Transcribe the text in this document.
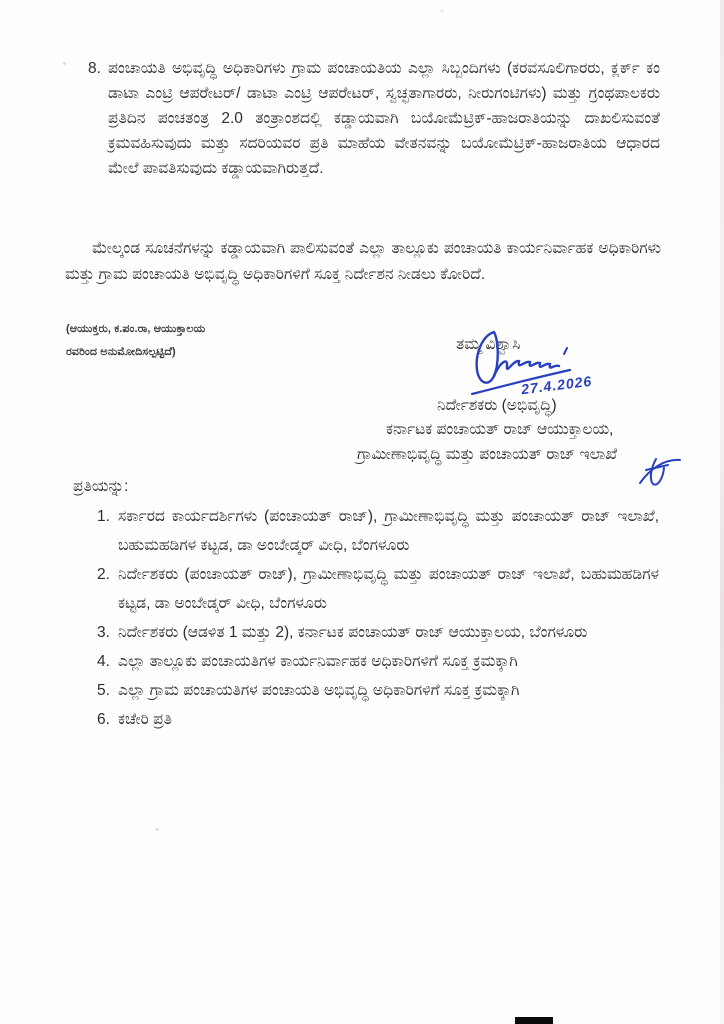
8. ಪಂಚಾಯತಿ ಅಭಿವೃದ್ಧಿ ಅಧಿಕಾರಿಗಳು ಗ್ರಾಮ ಪಂಚಾಯತಿಯ ಎಲ್ಲಾ ಸಿಬ್ಬಂದಿಗಳು (ಕರವಸೂಲಿಗಾರರು, ಕ್ಲರ್ಕ್ ಕಂ ಡಾಟಾ ಎಂಟ್ರಿ ಆಪರೇಟರ್/ ಡಾಟಾ ಎಂಟ್ರಿ ಆಪರೇಟರ್, ಸ್ವಚ್ಛತಾಗಾರರು, ನೀರುಗಂಟಿಗಳು) ಮತ್ತು ಗ್ರಂಥಪಾಲಕರು ಪ್ರತಿದಿನ ಪಂಚತಂತ್ರ 2.0 ತಂತ್ರಾಂಶದಲ್ಲಿ ಕಡ್ಡಾಯವಾಗಿ ಬಯೋಮೆಟ್ರಿಕ್-ಹಾಜರಾತಿಯನ್ನು ದಾಖಲಿಸುವಂತೆ ಕ್ರಮವಹಿಸುವುದು ಮತ್ತು ಸದರಿಯವರ ಪ್ರತಿ ಮಾಹೆಯ ವೇತನವನ್ನು ಬಯೋಮೆಟ್ರಿಕ್-ಹಾಜರಾತಿಯ ಆಧಾರದ ಮೇಲೆ ಪಾವತಿಸುವುದು ಕಡ್ಡಾಯವಾಗಿರುತ್ತದೆ.
ಮೇಲ್ಕಂಡ ಸೂಚನೆಗಳನ್ನು ಕಡ್ಡಾಯವಾಗಿ ಪಾಲಿಸುವಂತೆ ಎಲ್ಲಾ ತಾಲ್ಲೂಕು ಪಂಚಾಯತಿ ಕಾರ್ಯನಿರ್ವಾಹಕ ಅಧಿಕಾರಿಗಳು ಮತ್ತು ಗ್ರಾಮ ಪಂಚಾಯತಿ ಅಭಿವೃದ್ಧಿ ಅಧಿಕಾರಿಗಳಿಗೆ ಸೂಕ್ತ ನಿರ್ದೇಶನ ನೀಡಲು ಕೋರಿದೆ.
(ಆಯುಕ್ತರು, ಕ.ಪಂ.ರಾ, ಆಯುಕ್ತಾಲಯ
ರವರಿಂದ ಅನುಮೋದಿಸಲ್ಪಟ್ಟಿದೆ)	ತಮ್ಮ ವಿಶ್ವಾಸಿ
27.4.2026
ನಿರ್ದೇಶಕರು (ಅಭಿವೃದ್ಧಿ)
ಕರ್ನಾಟಕ ಪಂಚಾಯತ್ ರಾಜ್ ಆಯುಕ್ತಾಲಯ,
ಗ್ರಾಮೀಣಾಭಿವೃದ್ಧಿ ಮತ್ತು ಪಂಚಾಯತ್ ರಾಜ್ ಇಲಾಖೆ
ಪ್ರತಿಯನ್ನು:
1. ಸರ್ಕಾರದ ಕಾರ್ಯದರ್ಶಿಗಳು (ಪಂಚಾಯತ್ ರಾಜ್), ಗ್ರಾಮೀಣಾಭಿವೃದ್ಧಿ ಮತ್ತು ಪಂಚಾಯತ್ ರಾಜ್ ಇಲಾಖೆ, ಬಹುಮಹಡಿಗಳ ಕಟ್ಟಡ, ಡಾ ಅಂಬೇಡ್ಕರ್ ವೀಧಿ, ಬೆಂಗಳೂರು
2. ನಿರ್ದೇಶಕರು (ಪಂಚಾಯತ್ ರಾಜ್), ಗ್ರಾಮೀಣಾಭಿವೃದ್ಧಿ ಮತ್ತು ಪಂಚಾಯತ್ ರಾಜ್ ಇಲಾಖೆ, ಬಹುಮಹಡಿಗಳ ಕಟ್ಟಡ, ಡಾ ಅಂಬೇಡ್ಕರ್ ವೀಧಿ, ಬೆಂಗಳೂರು
3. ನಿರ್ದೇಶಕರು (ಆಡಳಿತ 1 ಮತ್ತು 2), ಕರ್ನಾಟಕ ಪಂಚಾಯತ್ ರಾಜ್ ಆಯುಕ್ತಾಲಯ, ಬೆಂಗಳೂರು
4. ಎಲ್ಲಾ ತಾಲ್ಲೂಕು ಪಂಚಾಯತಿಗಳ ಕಾರ್ಯನಿರ್ವಾಹಕ ಅಧಿಕಾರಿಗಳಿಗೆ ಸೂಕ್ತ ಕ್ರಮಕ್ಕಾಗಿ
5. ಎಲ್ಲಾ ಗ್ರಾಮ ಪಂಚಾಯತಿಗಳ ಪಂಚಾಯತಿ ಅಭಿವೃದ್ಧಿ ಅಧಿಕಾರಿಗಳಿಗೆ ಸೂಕ್ತ ಕ್ರಮಕ್ಕಾಗಿ
6. ಕಚೇರಿ ಪ್ರತಿ
